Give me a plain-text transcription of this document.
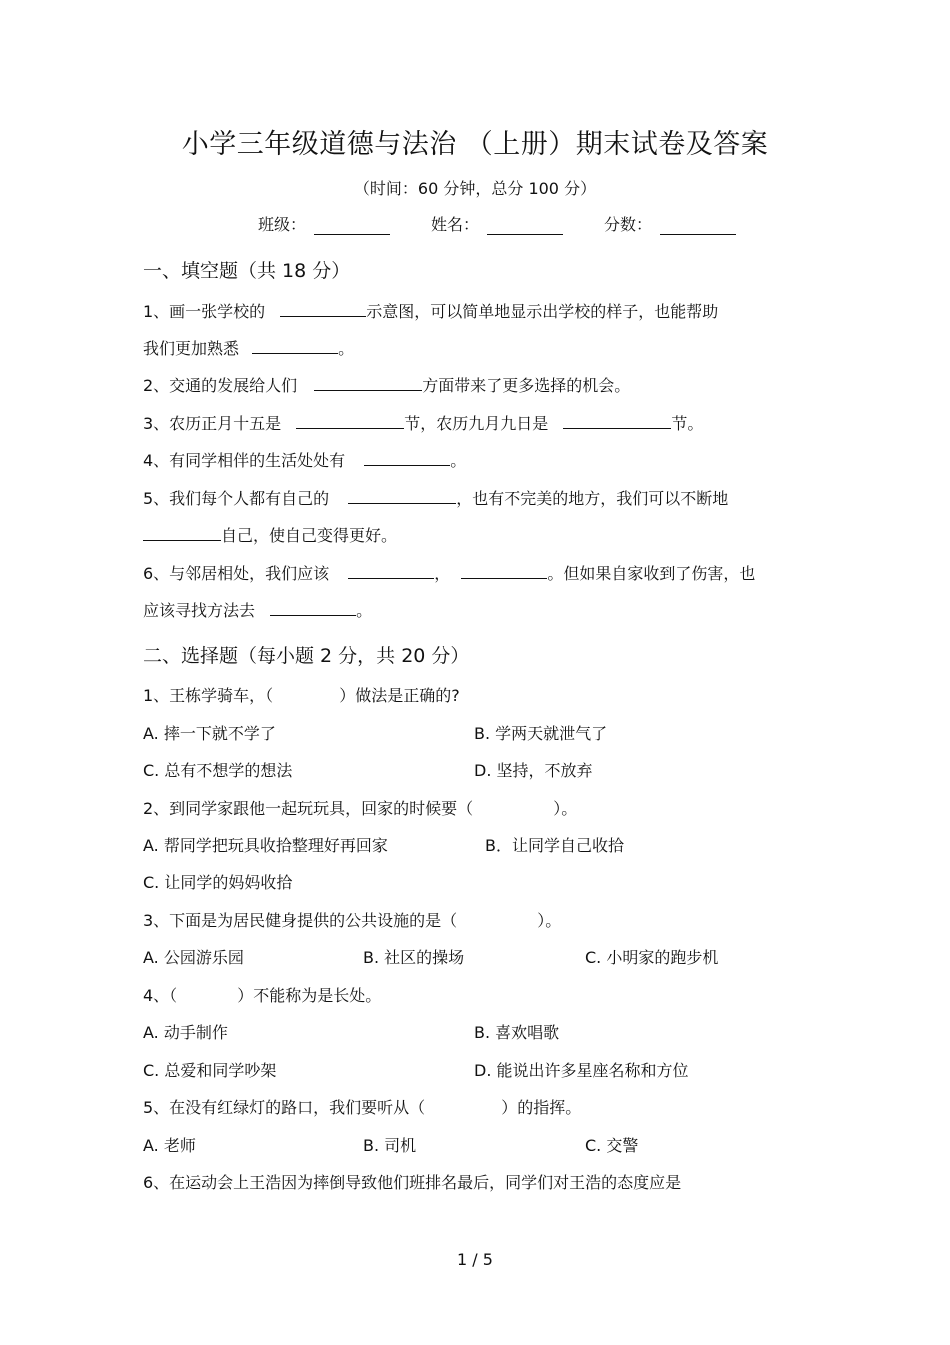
小学三年级道德与法治 （上册）期末试卷及答案
（时间：60 分钟，总分 100 分）
班级：	姓名：	分数：
一、填空题（共 18 分）
1、画一张学校的	示意图，可以简单地显示出学校的样子，也能帮助
我们更加熟悉	。
2、交通的发展给人们	方面带来了更多选择的机会。
3、农历正月十五是	节，农历九月九日是	节。
4、有同学相伴的生活处处有	。
5、我们每个人都有自己的	，也有不完美的地方，我们可以不断地
自己，使自己变得更好。
6、与邻居相处，我们应该	，	。但如果自家收到了伤害，也
应该寻找方法去	。
二、选择题（每小题 2 分，共 20 分）
1、王栋学骑车，（	）做法是正确的?
A. 摔一下就不学了	B. 学两天就泄气了
C. 总有不想学的想法	D. 坚持，不放弃
2、到同学家跟他一起玩玩具，回家的时候要（	）。
A. 帮同学把玩具收拾整理好再回家	B．让同学自己收拾
C. 让同学的妈妈收拾
3、下面是为居民健身提供的公共设施的是（	）。
A. 公园游乐园	B. 社区的操场	C. 小明家的跑步机
4、（	）不能称为是长处。
A. 动手制作	B. 喜欢唱歌
C. 总爱和同学吵架	D. 能说出许多星座名称和方位
5、在没有红绿灯的路口，我们要听从（	）的指挥。
A. 老师	B. 司机	C. 交警
6、在运动会上王浩因为摔倒导致他们班排名最后，同学们对王浩的态度应是
1 / 5
